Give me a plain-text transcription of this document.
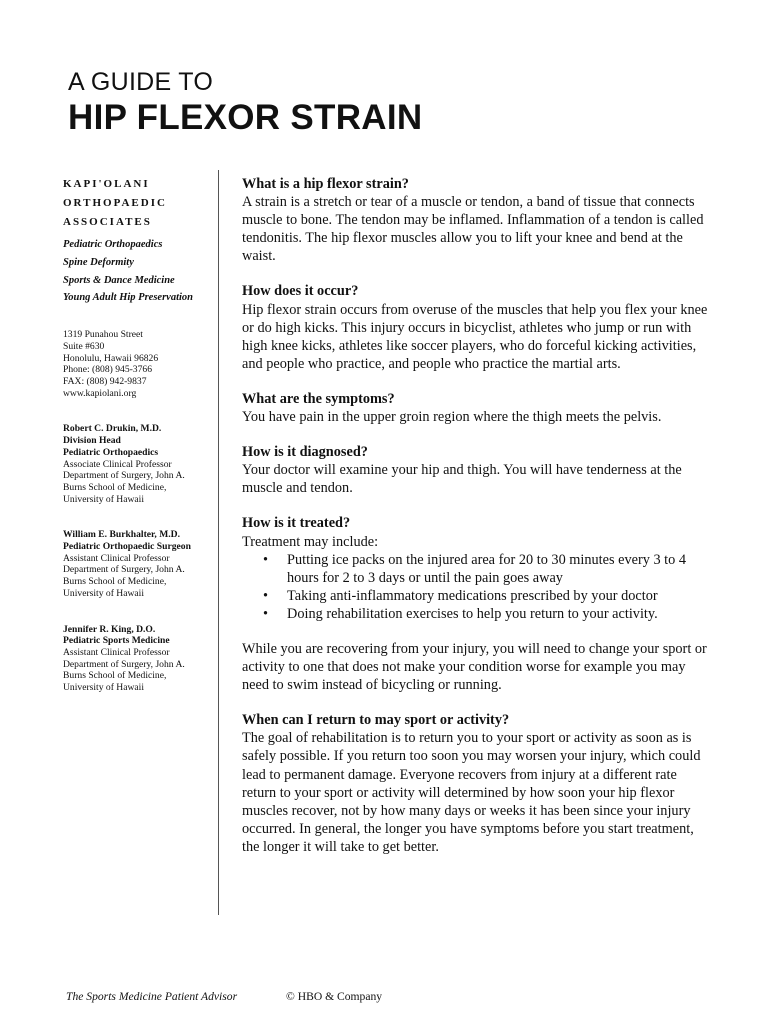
A GUIDE TO
HIP FLEXOR STRAIN
KAPI'OLANI ORTHOPAEDIC ASSOCIATES
Pediatric Orthopaedics
Spine Deformity
Sports & Dance Medicine
Young Adult Hip Preservation
1319 Punahou Street
Suite #630
Honolulu, Hawaii 96826
Phone: (808) 945-3766
FAX: (808) 942-9837
www.kapiolani.org
Robert C. Drukin, M.D.
Division Head
Pediatric Orthopaedics
Associate Clinical Professor
Department of Surgery, John A.
Burns School of Medicine,
University of Hawaii
William E. Burkhalter, M.D.
Pediatric Orthopaedic Surgeon
Assistant Clinical Professor
Department of Surgery, John A.
Burns School of Medicine,
University of Hawaii
Jennifer R. King, D.O.
Pediatric Sports Medicine
Assistant Clinical Professor
Department of Surgery, John A.
Burns School of Medicine,
University of Hawaii
What is a hip flexor strain?

A strain is a stretch or tear of a muscle or tendon, a band of tissue that connects muscle to bone. The tendon may be inflamed. Inflammation of a tendon is called tendonitis. The hip flexor muscles allow you to lift your knee and bend at the waist.

How does it occur?

Hip flexor strain occurs from overuse of the muscles that help you flex your knee or do high kicks. This injury occurs in bicyclist, athletes who jump or run with high knee kicks, athletes like soccer players, who do forceful kicking activities, and people who practice, and people who practice the martial arts.

What are the symptoms?

You have pain in the upper groin region where the thigh meets the pelvis.

How is it diagnosed?

Your doctor will examine your hip and thigh. You will have tenderness at the muscle and tendon.

How is it treated?

Treatment may include:

• Putting ice packs on the injured area for 20 to 30 minutes every 3 to 4 hours for 2 to 3 days or until the pain goes away
• Taking anti-inflammatory medications prescribed by your doctor
• Doing rehabilitation exercises to help you return to your activity.

While you are recovering from your injury, you will need to change your sport or activity to one that does not make your condition worse for example you may need to swim instead of bicycling or running.

When can I return to may sport or activity?

The goal of rehabilitation is to return you to your sport or activity as soon as is safely possible. If you return too soon you may worsen your injury, which could lead to permanent damage. Everyone recovers from injury at a different rate return to your sport or activity will determined by how soon your hip flexor muscles recover, not by how many days or weeks it has been since your injury occurred. In general, the longer you have symptoms before you start treatment, the longer it will take to get better.

The Sports Medicine Patient Advisor	© HBO & Company
